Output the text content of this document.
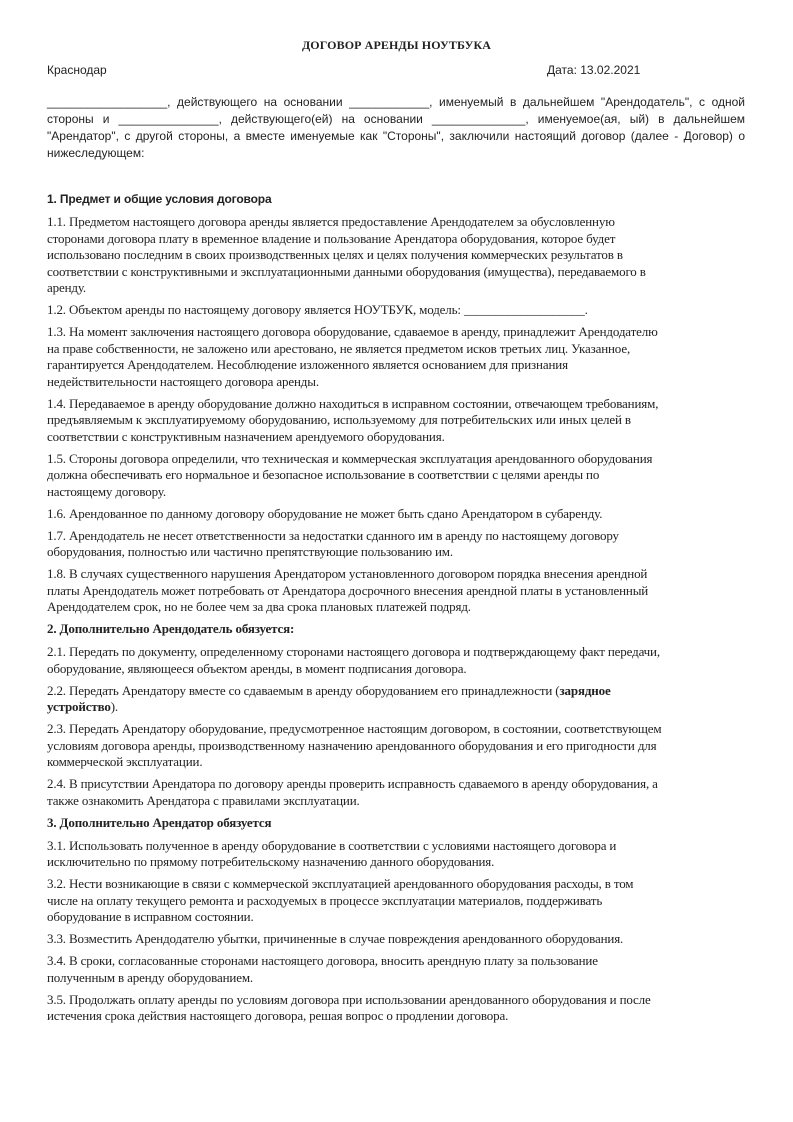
ДОГОВОР АРЕНДЫ НОУТБУКА
Краснодар	Дата: 13.02.2021
__________________, действующего на основании ____________, именуемый в дальнейшем "Арендодатель", с одной
стороны и _______________, действующего(ей) на основании ______________, именуемое(ая, ый) в дальнейшем
"Арендатор", с другой стороны, а вместе именуемые как "Стороны", заключили настоящий договор (далее - Договор) о
нижеследующем:
1. Предмет и общие условия договора
1.1. Предметом настоящего договора аренды является предоставление Арендодателем за обусловленную
сторонами договора плату в временное владение и пользование Арендатора оборудования, которое будет
использовано последним в своих производственных целях и целях получения коммерческих результатов в
соответствии с конструктивными и эксплуатационными данными оборудования (имущества), передаваемого в
аренду.
1.2. Объектом аренды по настоящему договору является НОУТБУК, модель: ___________________.
1.3. На момент заключения настоящего договора оборудование, сдаваемое в аренду, принадлежит Арендодателю
на праве собственности, не заложено или арестовано, не является предметом исков третьих лиц. Указанное,
гарантируется Арендодателем. Несоблюдение изложенного является основанием для признания
недействительности настоящего договора аренды.
1.4. Передаваемое в аренду оборудование должно находиться в исправном состоянии, отвечающем требованиям,
предъявляемым к эксплуатируемому оборудованию, используемому для потребительских или иных целей в
соответствии с конструктивным назначением арендуемого оборудования.
1.5. Стороны договора определили, что техническая и коммерческая эксплуатация арендованного оборудования
должна обеспечивать его нормальное и безопасное использование в соответствии с целями аренды по
настоящему договору.
1.6. Арендованное по данному договору оборудование не может быть сдано Арендатором в субаренду.
1.7. Арендодатель не несет ответственности за недостатки сданного им в аренду по настоящему договору
оборудования, полностью или частично препятствующие пользованию им.
1.8. В случаях существенного нарушения Арендатором установленного договором порядка внесения арендной
платы Арендодатель может потребовать от Арендатора досрочного внесения арендной платы в установленный
Арендодателем срок, но не более чем за два срока плановых платежей подряд.
2. Дополнительно Арендодатель обязуется:
2.1. Передать по документу, определенному сторонами настоящего договора и подтверждающему факт передачи,
оборудование, являющееся объектом аренды, в момент подписания договора.
2.2. Передать Арендатору вместе со сдаваемым в аренду оборудованием его принадлежности (зарядное
устройство).
2.3. Передать Арендатору оборудование, предусмотренное настоящим договором, в состоянии, соответствующем
условиям договора аренды, производственному назначению арендованного оборудования и его пригодности для
коммерческой эксплуатации.
2.4. В присутствии Арендатора по договору аренды проверить исправность сдаваемого в аренду оборудования, а
также ознакомить Арендатора с правилами эксплуатации.
3. Дополнительно Арендатор обязуется
3.1. Использовать полученное в аренду оборудование в соответствии с условиями настоящего договора и
исключительно по прямому потребительскому назначению данного оборудования.
3.2. Нести возникающие в связи с коммерческой эксплуатацией арендованного оборудования расходы, в том
числе на оплату текущего ремонта и расходуемых в процессе эксплуатации материалов, поддерживать
оборудование в исправном состоянии.
3.3. Возместить Арендодателю убытки, причиненные в случае повреждения арендованного оборудования.
3.4. В сроки, согласованные сторонами настоящего договора, вносить арендную плату за пользование
полученным в аренду оборудованием.
3.5. Продолжать оплату аренды по условиям договора при использовании арендованного оборудования и после
истечения срока действия настоящего договора, решая вопрос о продлении договора.
